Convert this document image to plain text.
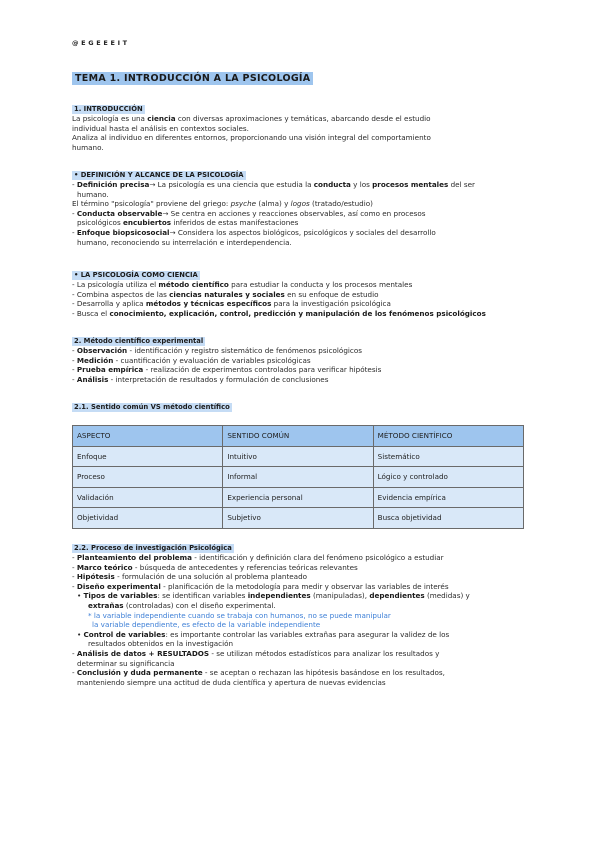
@ E G E E E I T
TEMA 1. INTRODUCCIÓN A LA PSICOLOGÍA
1. INTRODUCCIÓN
La psicología es una ciencia con diversas aproximaciones y temáticas, abarcando desde el estudio
individual hasta el análisis en contextos sociales.
Analiza al individuo en diferentes entornos, proporcionando una visión integral del comportamiento
humano.
• DEFINICIÓN Y ALCANCE DE LA PSICOLOGÍA
- Definición precisa→ La psicología es una ciencia que estudia la conducta y los procesos mentales del ser
humano.
El término "psicología" proviene del griego: psyche (alma) y logos (tratado/estudio)
- Conducta observable→ Se centra en acciones y reacciones observables, así como en procesos
psicológicos encubiertos inferidos de estas manifestaciones
- Enfoque biopsicosocial→ Considera los aspectos biológicos, psicológicos y sociales del desarrollo
humano, reconociendo su interrelación e interdependencia.
• LA PSICOLOGÍA COMO CIENCIA
- La psicología utiliza el método científico para estudiar la conducta y los procesos mentales
- Combina aspectos de las ciencias naturales y sociales en su enfoque de estudio
- Desarrolla y aplica métodos y técnicas específicos para la investigación psicológica
- Busca el conocimiento, explicación, control, predicción y manipulación de los fenómenos psicológicos
2. Método científico experimental
- Observación - identificación y registro sistemático de fenómenos psicológicos
- Medición - cuantificación y evaluación de variables psicológicas
- Prueba empírica - realización de experimentos controlados para verificar hipótesis
- Análisis - interpretación de resultados y formulación de conclusiones
2.1. Sentido común VS método científico
ASPECTO	SENTIDO COMÚN	MÉTODO CIENTÍFICO
Enfoque	Intuitivo	Sistemático
Proceso	Informal	Lógico y controlado
Validación	Experiencia personal	Evidencia empírica
Objetividad	Subjetivo	Busca objetividad
2.2. Proceso de investigación Psicológica
- Planteamiento del problema - identificación y definición clara del fenómeno psicológico a estudiar
- Marco teórico - búsqueda de antecedentes y referencias teóricas relevantes
- Hipótesis - formulación de una solución al problema planteado
- Diseño experimental - planificación de la metodología para medir y observar las variables de interés
• Tipos de variables: se identifican variables independientes (manipuladas), dependientes (medidas) y
extrañas (controladas) con el diseño experimental.
* la variable independiente cuando se trabaja con humanos, no se puede manipular
la variable dependiente, es efecto de la variable independiente
• Control de variables: es importante controlar las variables extrañas para asegurar la validez de los
resultados obtenidos en la investigación
- Análisis de datos + RESULTADOS - se utilizan métodos estadísticos para analizar los resultados y
determinar su significancia
- Conclusión y duda permanente - se aceptan o rechazan las hipótesis basándose en los resultados,
manteniendo siempre una actitud de duda científica y apertura de nuevas evidencias
